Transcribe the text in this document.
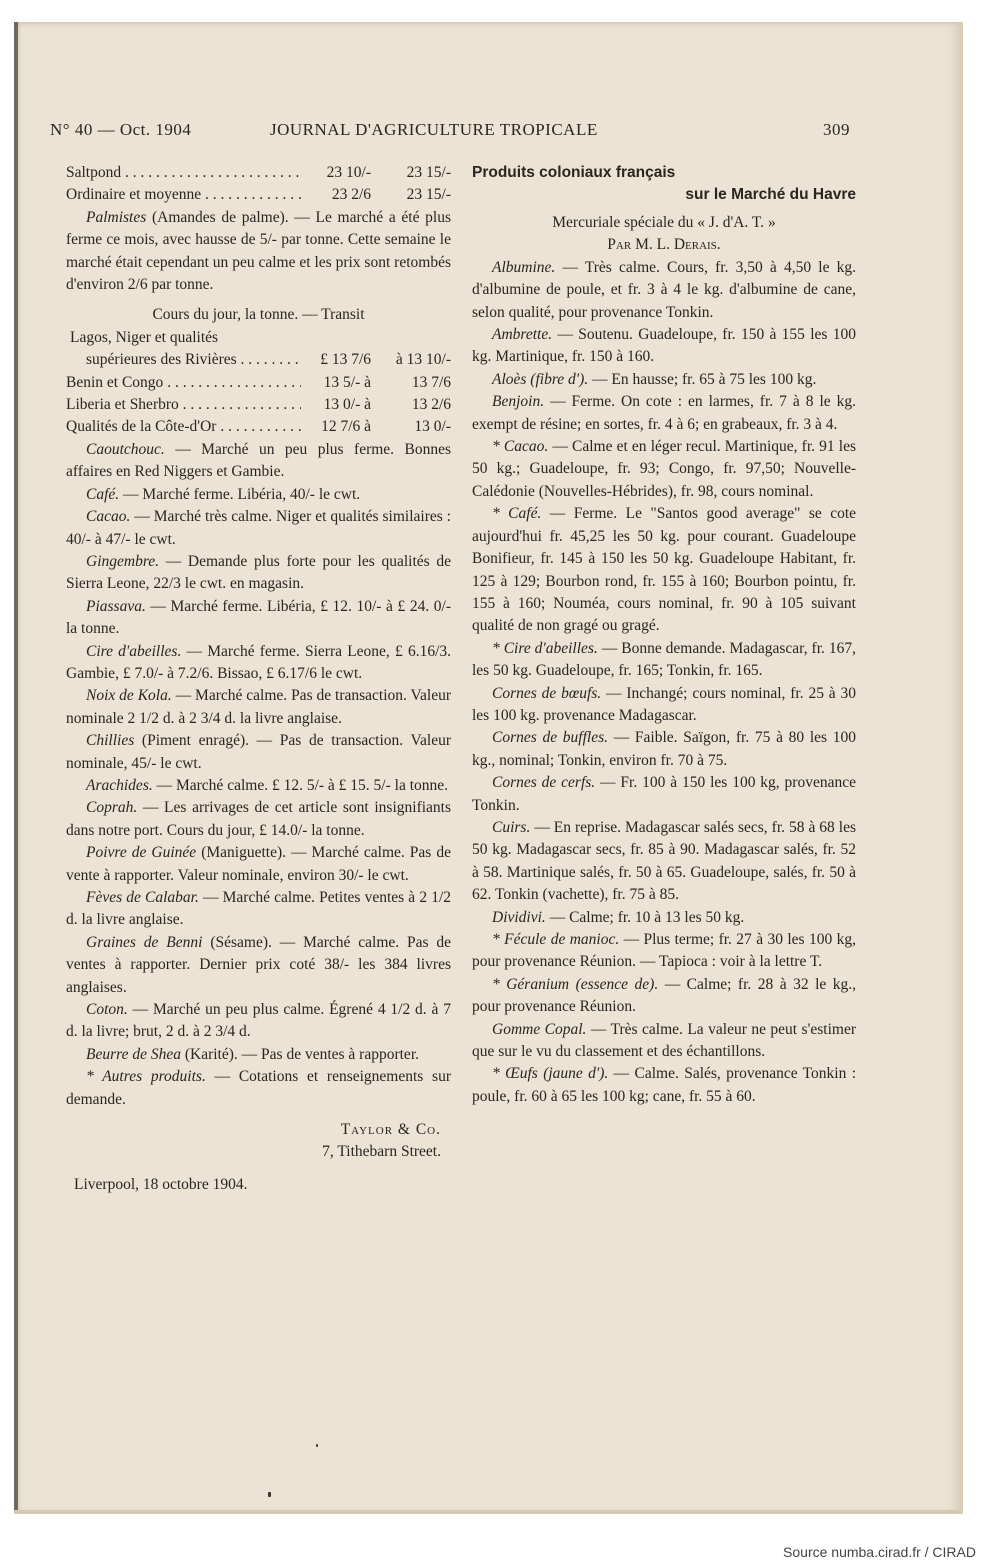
N° 40 — Oct. 1904	JOURNAL D'AGRICULTURE TROPICALE	309
Saltpond . . .	23 10/-	23 15/-
Ordinaire et moyenne . . .	23 2/6	23 15/-

Palmistes (Amandes de palme). — Le marché a été plus ferme ce mois, avec hausse de 5/- par tonne. Cette semaine le marché était cependant un peu calme et les prix sont retombés d'environ 2/6 par tonne.

Cours du jour, la tonne. — Transit
Lagos, Niger et qualités
supérieures des Rivières . . .	£ 13 7/6	à 13 10/-
Benin et Congo . . .	13 5/- à	13 7/6
Liberia et Sherbro . . .	13 0/- à	13 2/6
Qualités de la Côte-d'Or . . .	12 7/6 à	13 0/-

Caoutchouc. — Marché un peu plus ferme. Bonnes affaires en Red Niggers et Gambie.

Café. — Marché ferme. Libéria, 40/- le cwt.

Cacao. — Marché très calme. Niger et qualités similaires : 40/- à 47/- le cwt.

Gingembre. — Demande plus forte pour les qualités de Sierra Leone, 22/3 le cwt. en magasin.

Piassava. — Marché ferme. Libéria, £ 12. 10/- à £ 24. 0/- la tonne.

Cire d'abeilles. — Marché ferme. Sierra Leone, £ 6.16/3. Gambie, £ 7.0/- à 7.2/6. Bissao, £ 6.17/6 le cwt.

Noix de Kola. — Marché calme. Pas de transaction. Valeur nominale 2 1/2 d. à 2 3/4 d. la livre anglaise.

Chillies (Piment enragé). — Pas de transaction. Valeur nominale, 45/- le cwt.

Arachides. — Marché calme. £ 12. 5/- à £ 15. 5/- la tonne.

Coprah. — Les arrivages de cet article sont insignifiants dans notre port. Cours du jour, £ 14.0/- la tonne.

Poivre de Guinée (Maniguette). — Marché calme. Pas de vente à rapporter. Valeur nominale, environ 30/- le cwt.

Fèves de Calabar. — Marché calme. Petites ventes à 2 1/2 d. la livre anglaise.

Graines de Benni (Sésame). — Marché calme. Pas de ventes à rapporter. Dernier prix coté 38/- les 384 livres anglaises.

Coton. — Marché un peu plus calme. Égrené 4 1/2 d. à 7 d. la livre; brut, 2 d. à 2 3/4 d.

Beurre de Shea (Karité). — Pas de ventes à rapporter.

* Autres produits. — Cotations et renseignements sur demande.

Taylor & Co.
7, Tithebarn Street.
Liverpool, 18 octobre 1904.
Produits coloniaux français
sur le Marché du Havre
Mercuriale spéciale du « J. d'A. T. »
Par M. L. Derais.

Albumine. — Très calme. Cours, fr. 3,50 à 4,50 le kg. d'albumine de poule, et fr. 3 à 4 le kg. d'albumine de cane, selon qualité, pour provenance Tonkin.

Ambrette. — Soutenu. Guadeloupe, fr. 150 à 155 les 100 kg. Martinique, fr. 150 à 160.

Aloès (fibre d'). — En hausse; fr. 65 à 75 les 100 kg.

Benjoin. — Ferme. On cote : en larmes, fr. 7 à 8 le kg. exempt de résine; en sortes, fr. 4 à 6; en grabeaux, fr. 3 à 4.

* Cacao. — Calme et en léger recul. Martinique, fr. 91 les 50 kg.; Guadeloupe, fr. 93; Congo, fr. 97,50; Nouvelle-Calédonie (Nouvelles-Hébrides), fr. 98, cours nominal.

* Café. — Ferme. Le "Santos good average" se cote aujourd'hui fr. 45,25 les 50 kg. pour courant. Guadeloupe Bonifieur, fr. 145 à 150 les 50 kg. Guadeloupe Habitant, fr. 125 à 129; Bourbon rond, fr. 155 à 160; Bourbon pointu, fr. 155 à 160; Nouméa, cours nominal, fr. 90 à 105 suivant qualité de non gragé ou gragé.

* Cire d'abeilles. — Bonne demande. Madagascar, fr. 167, les 50 kg. Guadeloupe, fr. 165; Tonkin, fr. 165.

Cornes de bœufs. — Inchangé; cours nominal, fr. 25 à 30 les 100 kg. provenance Madagascar.

Cornes de buffles. — Faible. Saïgon, fr. 75 à 80 les 100 kg., nominal; Tonkin, environ fr. 70 à 75.

Cornes de cerfs. — Fr. 100 à 150 les 100 kg, provenance Tonkin.

Cuirs. — En reprise. Madagascar salés secs, fr. 58 à 68 les 50 kg. Madagascar secs, fr. 85 à 90. Madagascar salés, fr. 52 à 58. Martinique salés, fr. 50 à 65. Guadeloupe, salés, fr. 50 à 62. Tonkin (vachette), fr. 75 à 85.

Dividivi. — Calme; fr. 10 à 13 les 50 kg.

* Fécule de manioc. — Plus terme; fr. 27 à 30 les 100 kg, pour provenance Réunion. — Tapioca : voir à la lettre T.

* Géranium (essence de). — Calme; fr. 28 à 32 le kg., pour provenance Réunion.

Gomme Copal. — Très calme. La valeur ne peut s'estimer que sur le vu du classement et des échantillons.

* Œufs (jaune d'). — Calme. Salés, provenance Tonkin : poule, fr. 60 à 65 les 100 kg; cane, fr. 55 à 60.

Source numba.cirad.fr / CIRAD
